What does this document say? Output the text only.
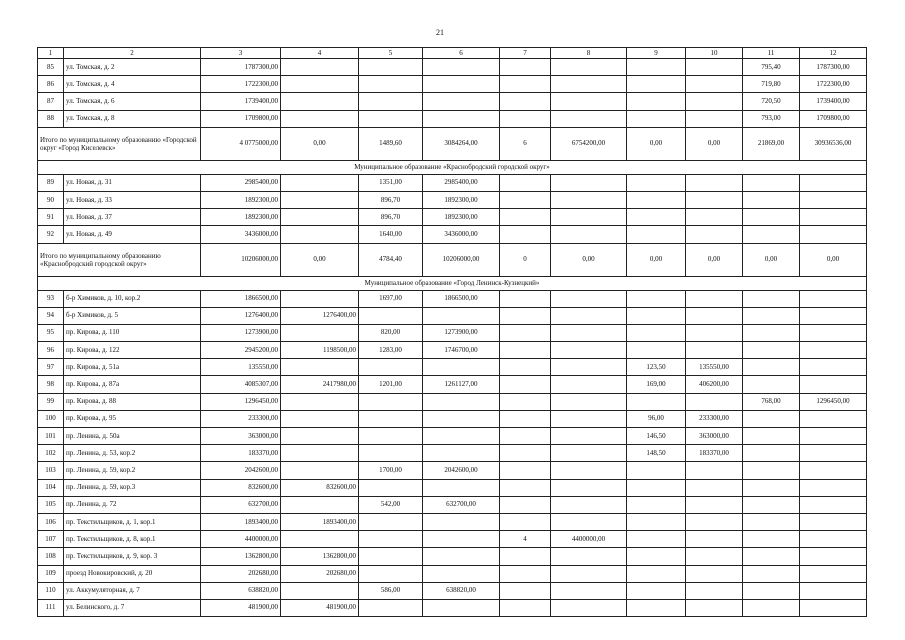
21
1	2	3	4	5	6	7	8	9	10	11	12
85	ул. Томская, д. 2	1787300,00								795,40	1787300,00
86	ул. Томская, д. 4	1722300,00								719,80	1722300,00
87	ул. Томская, д. 6	1739400,00								720,50	1739400,00
88	ул. Томская, д. 8	1709800,00								793,00	1709800,00
Итого по муниципальному образованию «Городской округ «Город Киселевск»		4 0775000,00	0,00	1489,60	3084264,00	6	6754200,00	0,00	0,00	21869,00	30936536,00
Муниципальное образование «Краснобродский городской округ»											
89	ул. Новая, д. 31	2985400,00		1351,00	2985400,00						
90	ул. Новая, д. 33	1892300,00		896,70	1892300,00						
91	ул. Новая, д. 37	1892300,00		896,70	1892300,00						
92	ул. Новая, д. 49	3436000,00		1640,00	3436000,00						
Итого по муниципальному образованию «Краснобродский городской округ»		10206000,00	0,00	4784,40	10206000,00	0	0,00	0,00	0,00	0,00	0,00
Муниципальное образование «Город Ленинск-Кузнецкий»											
93	б-р Химиков, д. 10, кор.2	1866500,00		1697,00	1866500,00						
94	б-р Химиков, д. 5	1276400,00	1276400,00								
95	пр. Кирова, д. 110	1273900,00		820,00	1273900,00						
96	пр. Кирова, д. 122	2945200,00	1198500,00	1283,00	1746700,00						
97	пр. Кирова, д. 51а	135550,00						123,50	135550,00		
98	пр. Кирова, д. 87а	4085307,00	2417980,00	1201,00	1261127,00			169,00	406200,00		
99	пр. Кирова, д. 88	1296450,00								768,00	1296450,00
100	пр. Кирова, д. 95	233300,00						96,00	233300,00		
101	пр. Ленина, д. 50а	363000,00						146,50	363000,00		
102	пр. Ленина, д. 53, кор.2	183370,00						148,50	183370,00		
103	пр. Ленина, д. 59, кор.2	2042600,00		1700,00	2042600,00						
104	пр. Ленина, д. 59, кор.3	832600,00	832600,00								
105	пр. Ленина, д. 72	632700,00		542,00	632700,00						
106	пр. Текстильщиков, д. 1, кор.1	1893400,00	1893400,00								
107	пр. Текстильщиков, д. 8, кор.1	4400000,00				4	4400000,00				
108	пр. Текстильщиков, д. 9, кор. 3	1362800,00	1362800,00								
109	проезд Новокировский, д. 20	202680,00	202680,00								
110	ул. Аккумуляторная, д. 7	638820,00		586,00	638820,00						
111	ул. Белинского, д. 7	481900,00	481900,00								
